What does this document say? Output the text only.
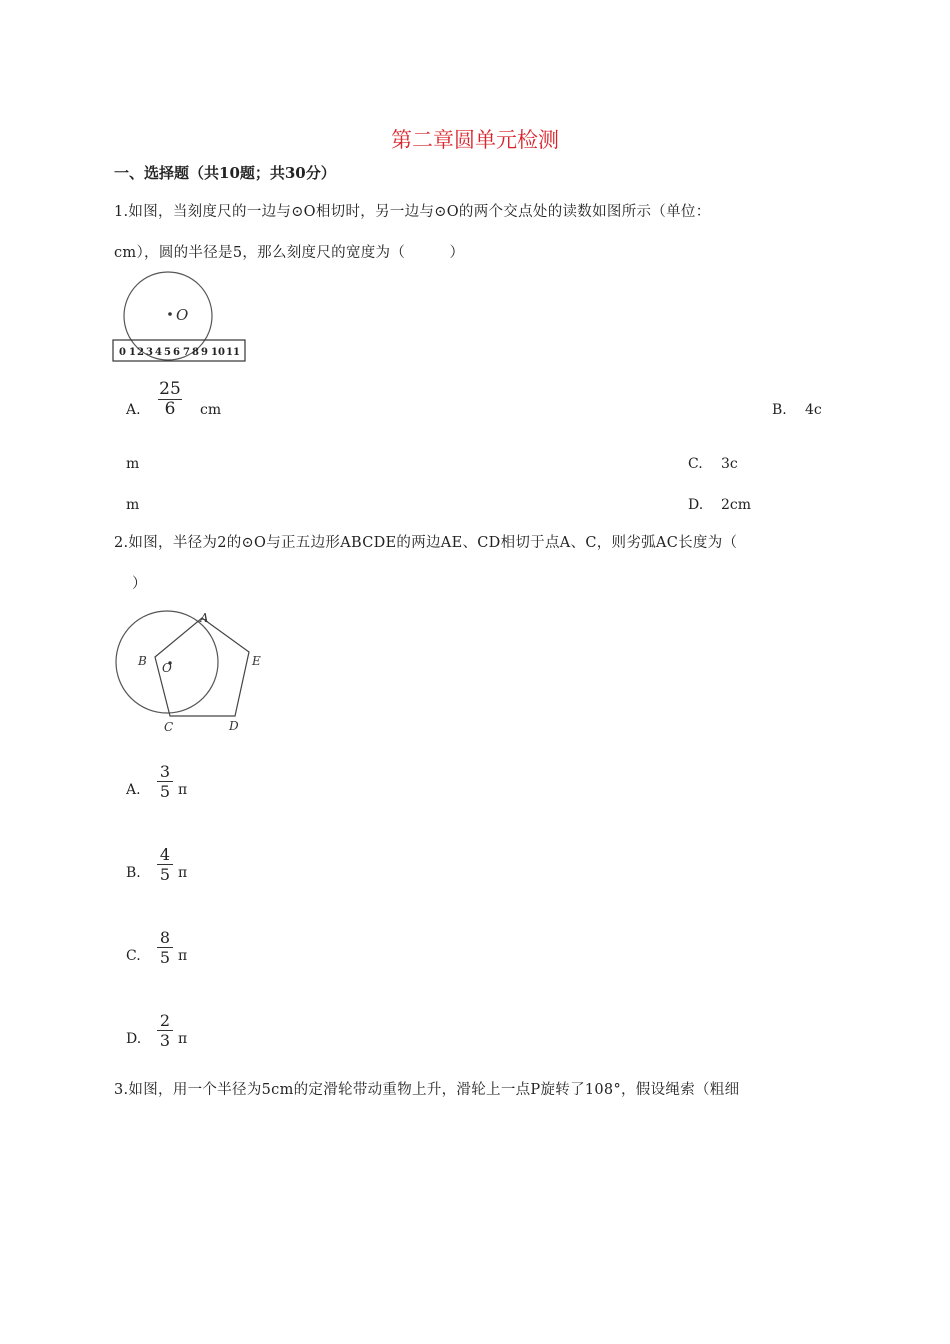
第二章圆单元检测
一、选择题（共10题；共30分）
1.如图，当刻度尺的一边与⊙O相切时，另一边与⊙O的两个交点处的读数如图所示（单位：
cm），圆的半径是5，那么刻度尺的宽度为（　　　）
O
0 1 2 3 4 5 6 7 8 9 10 11
A.
25
6	cm	B. 4c
m	C. 3c
m	D. 2cm
2.如图，半径为2的⊙O与正五边形ABCDE的两边AE、CD相切于点A、C，则劣弧AC长度为（
）
A
B O	E
C	D
A.
3
5 π
B.
4
5 π
C.
8
5 π
D.
2
3 π
3.如图，用一个半径为5cm的定滑轮带动重物上升，滑轮上一点P旋转了108°，假设绳索（粗细
